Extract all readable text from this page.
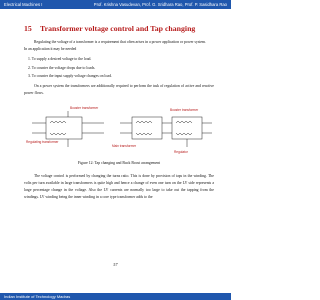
Electrical Machines I	Prof. Krishna Vasudevan, Prof. G. Sridhara Rao, Prof. P. Sasidhara Rao
15 Transformer voltage control and Tap changing

Regulating the voltage of a transformer is a requirement that often arises in a power application or power system.

In an application it may be needed

1. To supply a desired voltage to the load.
2. To counter the voltage drops due to loads.
3. To counter the input supply voltage changes on load.

On a power system the transformers are additionally required to perform the task of regulation of active and reactive power flows.

Booster transformer
Regulating transformer
Main transformer
Booster transformer
Regulator
Figure 12: Tap changing and Buck Boost arrangement

The voltage control is performed by changing the turns ratio. This is done by provision of taps in the winding. The volts per turn available in large transformers is quite high and hence a change of even one turn on the LV side represents a large percentage change in the voltage. Also the LV currents are normally too large to take out the tapping from the windings. LV winding being the inner winding in a core type transformer adds to the

57
Indian Institute of Technology Madras
